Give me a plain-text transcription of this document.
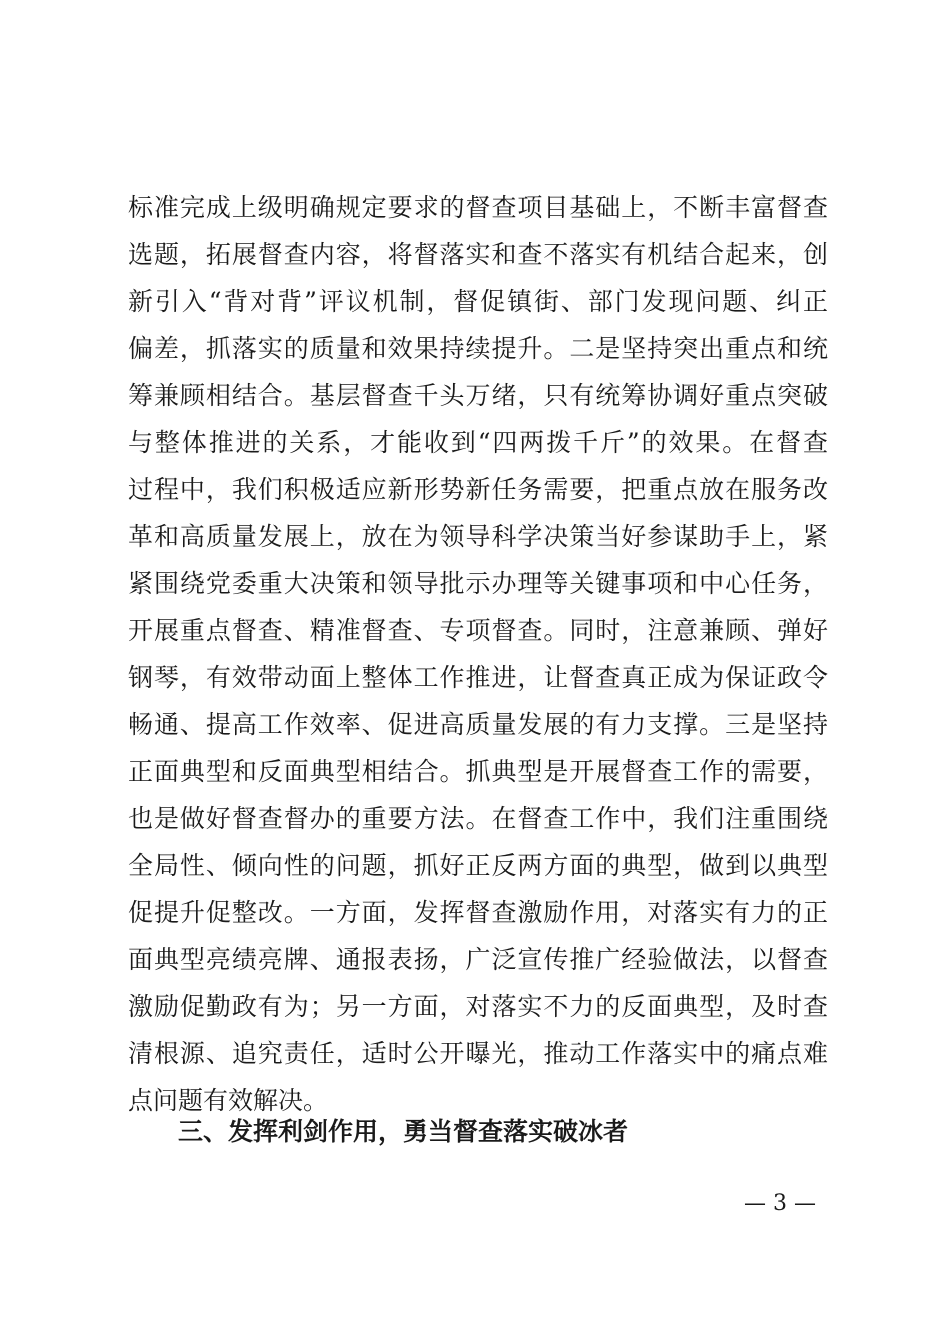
标准完成上级明确规定要求的督查项目基础上，不断丰富督查
选题，拓展督查内容，将督落实和查不落实有机结合起来，创
新引入“背对背”评议机制，督促镇街、部门发现问题、纠正
偏差，抓落实的质量和效果持续提升。二是坚持突出重点和统
筹兼顾相结合。基层督查千头万绪，只有统筹协调好重点突破
与整体推进的关系，才能收到“四两拨千斤”的效果。在督查
过程中，我们积极适应新形势新任务需要，把重点放在服务改
革和高质量发展上，放在为领导科学决策当好参谋助手上，紧
紧围绕党委重大决策和领导批示办理等关键事项和中心任务，
开展重点督查、精准督查、专项督查。同时，注意兼顾、弹好
钢琴，有效带动面上整体工作推进，让督查真正成为保证政令
畅通、提高工作效率、促进高质量发展的有力支撑。三是坚持
正面典型和反面典型相结合。抓典型是开展督查工作的需要，
也是做好督查督办的重要方法。在督查工作中，我们注重围绕
全局性、倾向性的问题，抓好正反两方面的典型，做到以典型
促提升促整改。一方面，发挥督查激励作用，对落实有力的正
面典型亮绩亮牌、通报表扬，广泛宣传推广经验做法，以督查
激励促勤政有为；另一方面，对落实不力的反面典型，及时查
清根源、追究责任，适时公开曝光，推动工作落实中的痛点难
点问题有效解决。
三、发挥利剑作用，勇当督查落实破冰者
— 3 —
